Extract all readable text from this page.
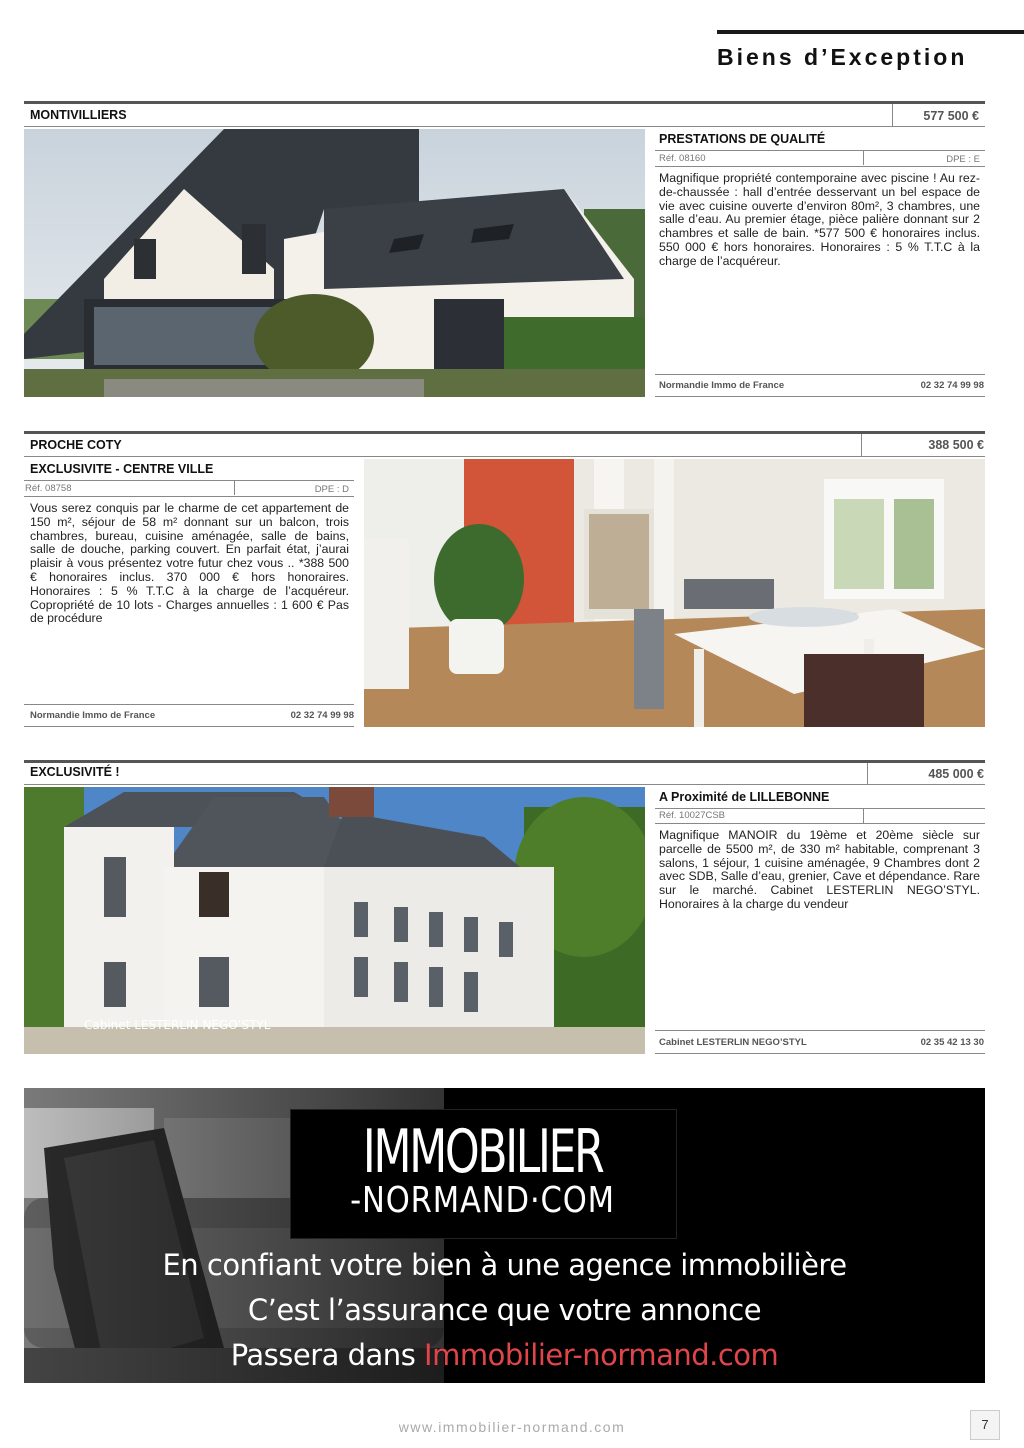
Biens d’Exception
MONTIVILLIERS	577 500 €
PRESTATIONS DE QUALITÉ
Réf. 08160	DPE : E
Magnifique propriété contemporaine avec piscine ! Au rez-de-chaussée : hall d’entrée desservant un bel espace de vie avec cuisine ouverte d’environ 80m², 3 chambres, une salle d’eau. Au premier étage, pièce palière donnant sur 2 chambres et salle de bain. *577 500 € honoraires inclus. 550 000 € hors honoraires. Honoraires : 5 % T.T.C à la charge de l’acquéreur.
Normandie Immo de France	02 32 74 99 98
PROCHE COTY	388 500 €
EXCLUSIVITE - CENTRE VILLE
Réf. 08758	DPE : D
Vous serez conquis par le charme de cet appartement de 150 m², séjour de 58 m² donnant sur un balcon, trois chambres, bureau, cuisine aménagée, salle de bains, salle de douche, parking couvert. En parfait état, j’aurai plaisir à vous présentez votre futur chez vous .. *388 500 € honoraires inclus. 370 000 € hors honoraires. Honoraires : 5 % T.T.C à la charge de l’acquéreur. Copropriété de 10 lots - Charges annuelles : 1 600 € Pas de procédure
Normandie Immo de France	02 32 74 99 98
EXCLUSIVITÉ !	485 000 €
Cabinet LESTERLIN NEGO’STYL
A Proximité de LILLEBONNE
Réf. 10027CSB
Magnifique MANOIR du 19ème et 20ème siècle sur parcelle de 5500 m², de 330 m² habitable, comprenant 3 salons, 1 séjour, 1 cuisine aménagée, 9 Chambres dont 2 avec SDB, Salle d’eau, grenier, Cave et dépendance. Rare sur le marché. Cabinet LESTERLIN NEGO’STYL. Honoraires à la charge du vendeur
Cabinet LESTERLIN NEGO’STYL	02 35 42 13 30
IMMOBILIER
-NORMAND·COM
En confiant votre bien à une agence immobilière
C’est l’assurance que votre annonce
Passera dans Immobilier-normand.com
www.immobilier-normand.com	7
